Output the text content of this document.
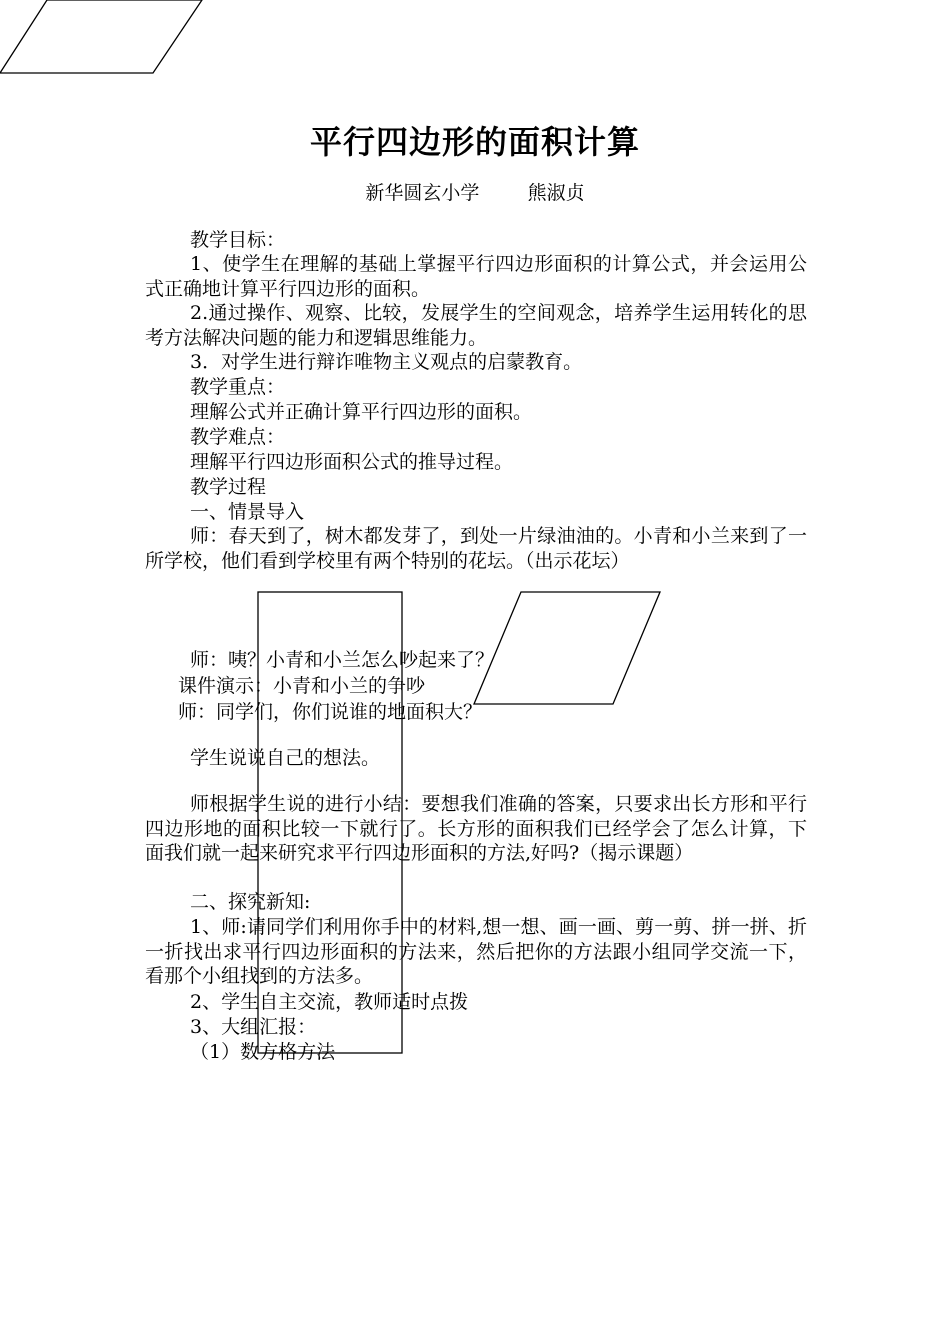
平行四边形的面积计算
新华圆玄小学        熊淑贞
教学目标：
1、使学生在理解的基础上掌握平行四边形面积的计算公式，并会运用公式正确地计算平行四边形的面积。
2.通过操作、观察、比较，发展学生的空间观念，培养学生运用转化的思考方法解决问题的能力和逻辑思维能力。
3．对学生进行辩诈唯物主义观点的启蒙教育。
教学重点：
理解公式并正确计算平行四边形的面积。
教学难点：
理解平行四边形面积公式的推导过程。
教学过程
一、情景导入
师：春天到了，树木都发芽了，到处一片绿油油的。小青和小兰来到了一所学校，他们看到学校里有两个特别的花坛。（出示花坛）
师：咦？小青和小兰怎么吵起来了？
课件演示：小青和小兰的争吵
师：同学们，你们说谁的地面积大？
学生说说自己的想法。
师根据学生说的进行小结：要想我们准确的答案，只要求出长方形和平行四边形地的面积比较一下就行了。长方形的面积我们已经学会了怎么计算，下面我们就一起来研究求平行四边形面积的方法,好吗?（揭示课题）
二、探究新知:
1、师:请同学们利用你手中的材料,想一想、画一画、剪一剪、拼一拼、折一折找出求平行四边形面积的方法来，然后把你的方法跟小组同学交流一下，看那个小组找到的方法多。
2、学生自主交流，教师适时点拨
3、大组汇报：
（1）数方格方法
